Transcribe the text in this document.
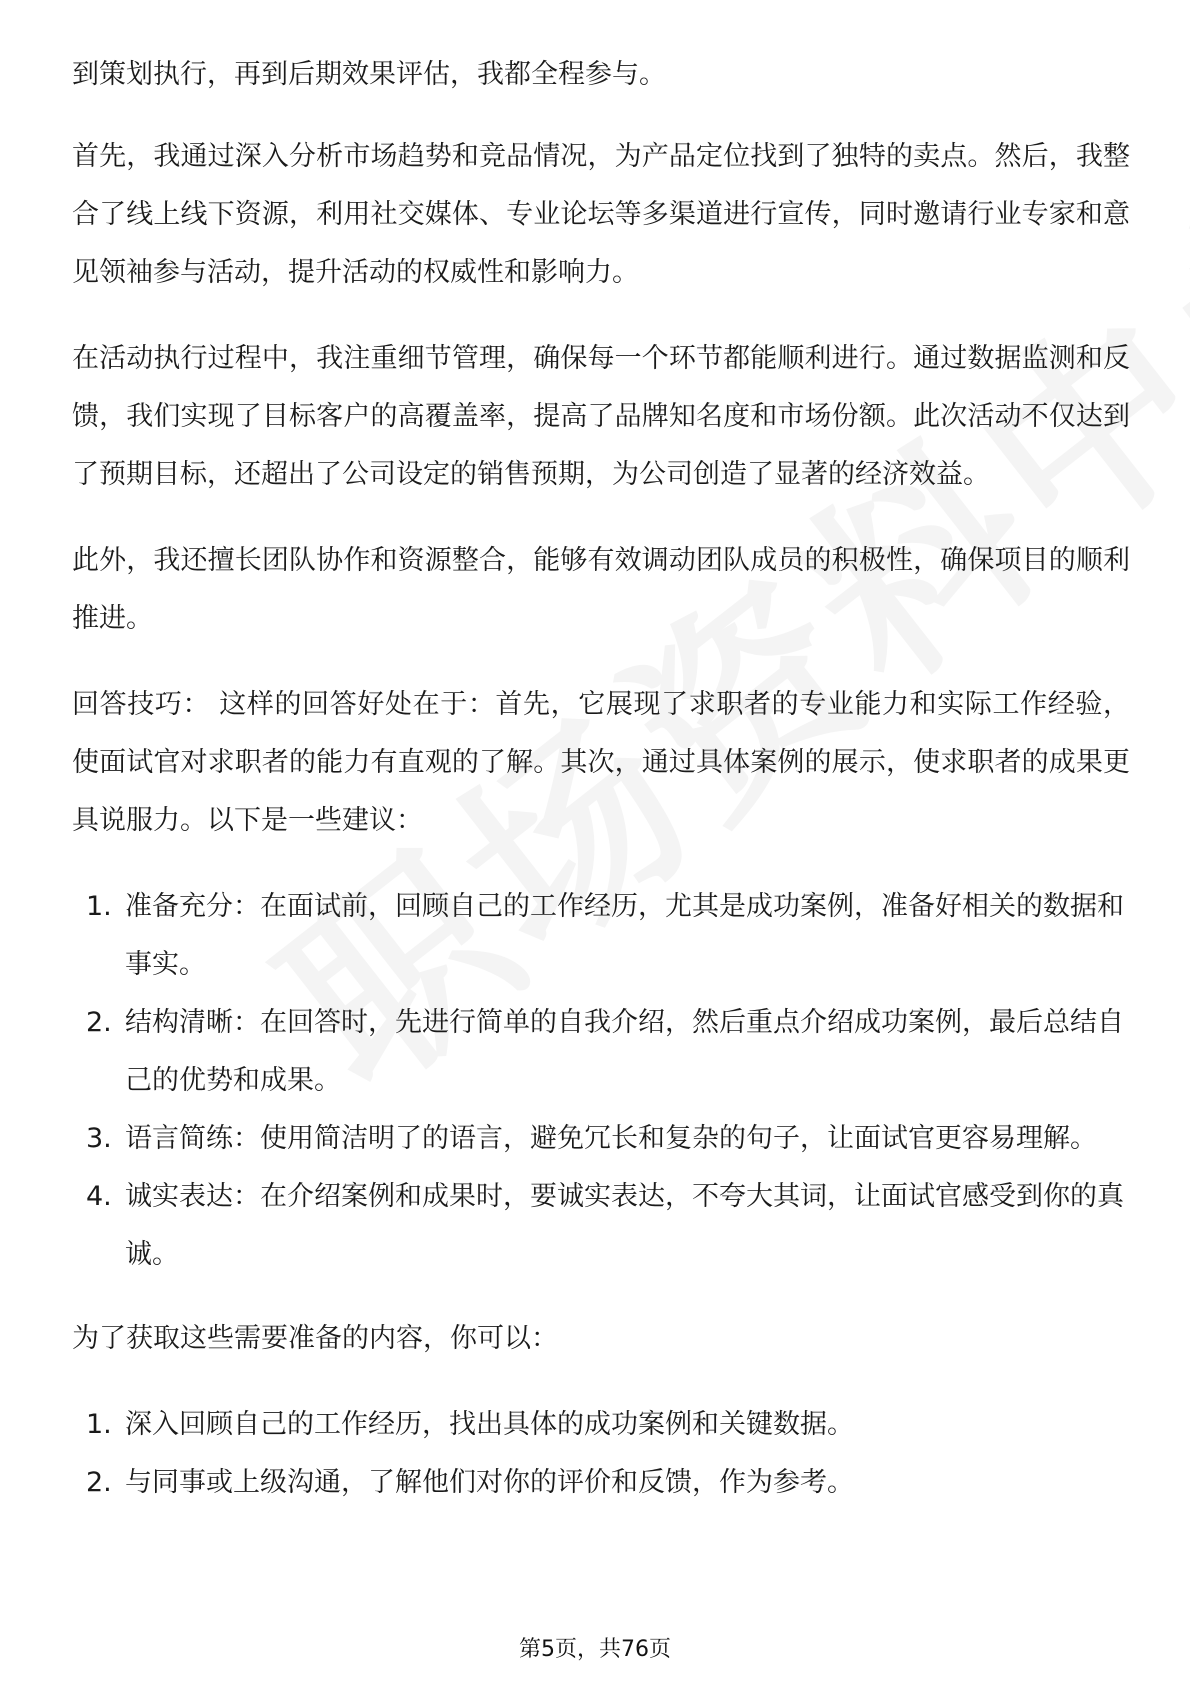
到策划执行，再到后期效果评估，我都全程参与。

首先，我通过深入分析市场趋势和竞品情况，为产品定位找到了独特的卖点。然后，我整合了线上线下资源，利用社交媒体、专业论坛等多渠道进行宣传，同时邀请行业专家和意见领袖参与活动，提升活动的权威性和影响力。

在活动执行过程中，我注重细节管理，确保每一个环节都能顺利进行。通过数据监测和反馈，我们实现了目标客户的高覆盖率，提高了品牌知名度和市场份额。此次活动不仅达到了预期目标，还超出了公司设定的销售预期，为公司创造了显著的经济效益。

此外，我还擅长团队协作和资源整合，能够有效调动团队成员的积极性，确保项目的顺利推进。

回答技巧： 这样的回答好处在于：首先，它展现了求职者的专业能力和实际工作经验，使面试官对求职者的能力有直观的了解。其次，通过具体案例的展示，使求职者的成果更具说服力。以下是一些建议：

1. 准备充分：在面试前，回顾自己的工作经历，尤其是成功案例，准备好相关的数据和事实。
2. 结构清晰：在回答时，先进行简单的自我介绍，然后重点介绍成功案例，最后总结自己的优势和成果。
3. 语言简练：使用简洁明了的语言，避免冗长和复杂的句子，让面试官更容易理解。
4. 诚实表达：在介绍案例和成果时，要诚实表达，不夸大其词，让面试官感受到你的真诚。

为了获取这些需要准备的内容，你可以：

1. 深入回顾自己的工作经历，找出具体的成功案例和关键数据。
2. 与同事或上级沟通，了解他们对你的评价和反馈，作为参考。
第5页，共76页
